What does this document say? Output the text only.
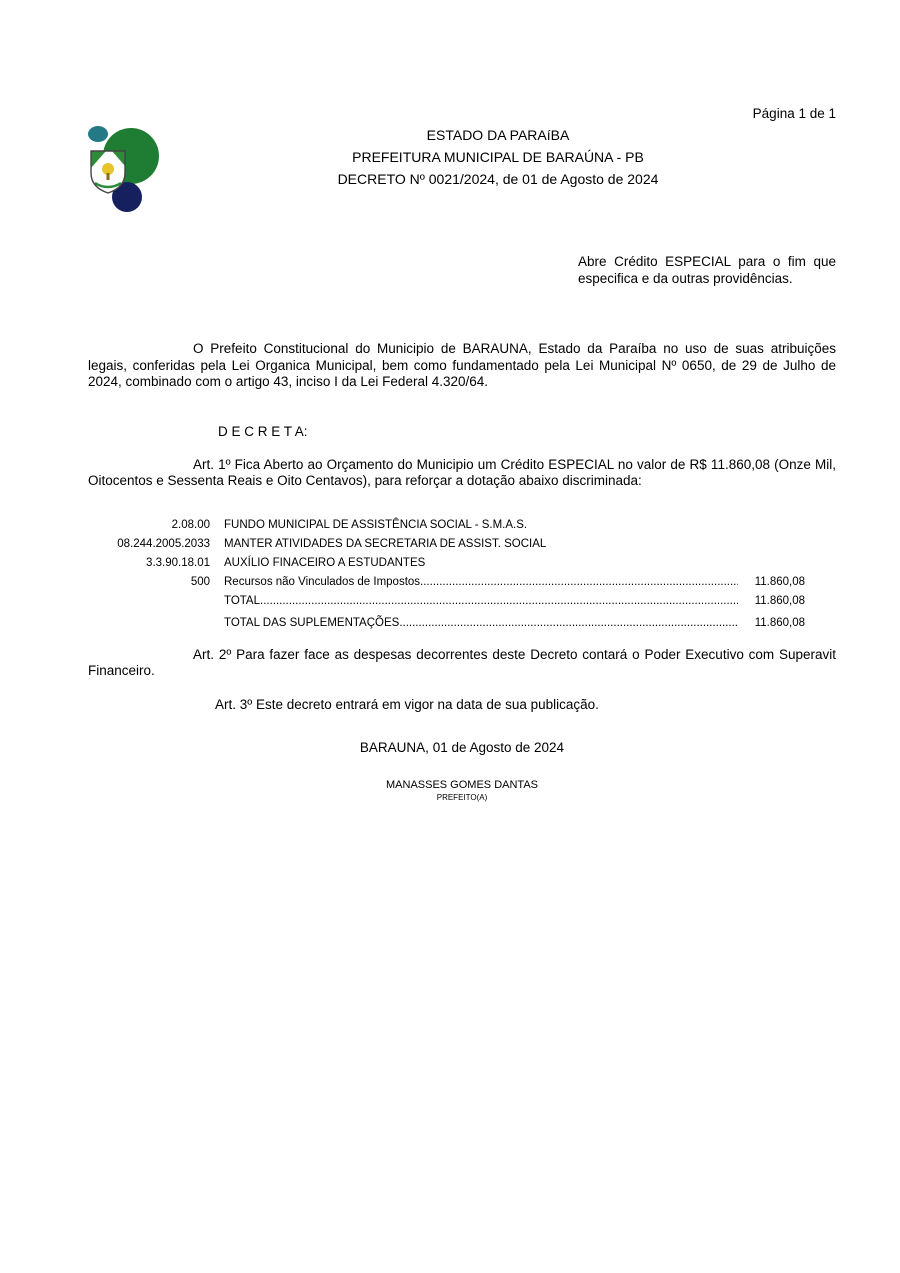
Página 1 de 1
ESTADO DA PARAíBA
PREFEITURA MUNICIPAL DE BARAÚNA - PB
DECRETO Nº 0021/2024, de 01 de Agosto de 2024

Abre Crédito ESPECIAL para o fim que especifica e da outras providências.

O Prefeito Constitucional do Municipio de BARAUNA, Estado da Paraíba no uso de suas atribuições legais, conferidas pela Lei Organica Municipal, bem como fundamentado pela Lei Municipal Nº 0650, de 29 de Julho de 2024, combinado com o artigo 43, inciso I da Lei Federal 4.320/64.

D E C R E T A:

Art. 1º Fica Aberto ao Orçamento do Municipio um Crédito ESPECIAL no valor de R$ 11.860,08 (Onze Mil, Oitocentos e Sessenta Reais e Oito Centavos), para reforçar a dotação abaixo discriminada:

2.08.00 FUNDO MUNICIPAL DE ASSISTÊNCIA SOCIAL - S.M.A.S.
08.244.2005.2033 MANTER ATIVIDADES DA SECRETARIA DE ASSIST. SOCIAL
3.3.90.18.01 AUXÍLIO FINACEIRO A ESTUDANTES
500 Recursos não Vinculados de Impostos .....	11.860,08
TOTAL .....	11.860,08
TOTAL DAS SUPLEMENTAÇÕES .....	11.860,08

Art. 2º Para fazer face as despesas decorrentes deste Decreto contará o Poder Executivo com Superavit Financeiro.

Art. 3º Este decreto entrará em vigor na data de sua publicação.

BARAUNA, 01 de Agosto de 2024

MANASSES GOMES DANTAS

PREFEITO(A)
